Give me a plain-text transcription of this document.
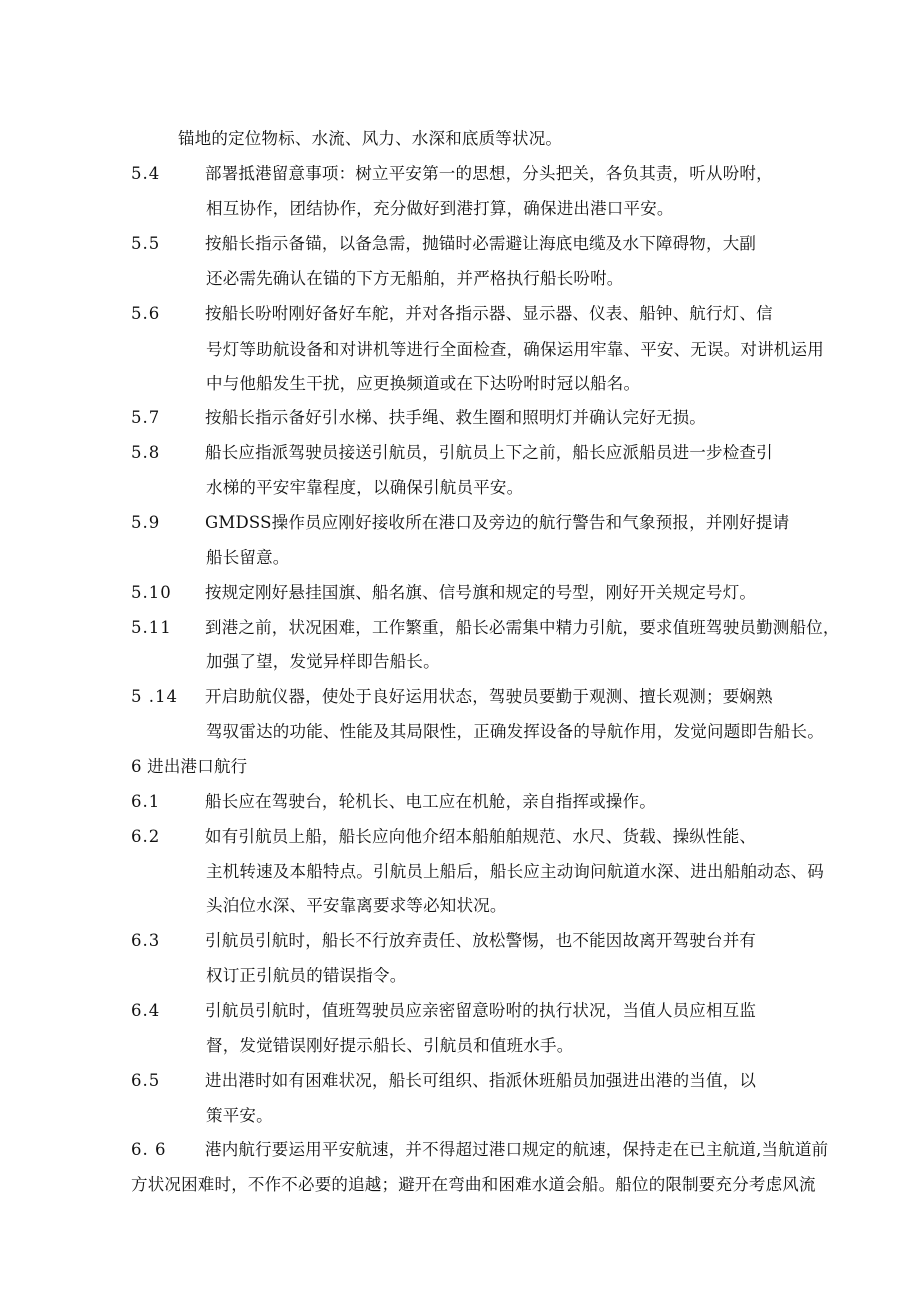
锚地的定位物标、水流、风力、水深和底质等状况。
5.4	部署抵港留意事项：树立平安第一的思想，分头把关，各负其责，听从吩咐，
相互协作，团结协作，充分做好到港打算，确保进出港口平安。
5.5	按船长指示备锚，以备急需，抛锚时必需避让海底电缆及水下障碍物，大副
还必需先确认在锚的下方无船舶，并严格执行船长吩咐。
5.6	按船长吩咐刚好备好车舵，并对各指示器、显示器、仪表、船钟、航行灯、信
号灯等助航设备和对讲机等进行全面检查，确保运用牢靠、平安、无误。对讲机运用
中与他船发生干扰，应更换频道或在下达吩咐时冠以船名。
5.7	按船长指示备好引水梯、扶手绳、救生圈和照明灯并确认完好无损。
5.8	船长应指派驾驶员接送引航员，引航员上下之前，船长应派船员进一步检查引
水梯的平安牢靠程度，以确保引航员平安。
5.9	GMDSS操作员应刚好接收所在港口及旁边的航行警告和气象预报，并刚好提请
船长留意。
5.10 按规定刚好悬挂国旗、船名旗、信号旗和规定的号型，刚好开关规定号灯。
5.11 到港之前，状况困难，工作繁重，船长必需集中精力引航，要求值班驾驶员勤测船位，
加强了望，发觉异样即告船长。
5 .14 开启助航仪器，使处于良好运用状态，驾驶员要勤于观测、擅长观测；要娴熟
驾驭雷达的功能、性能及其局限性，正确发挥设备的导航作用，发觉问题即告船长。
6 进出港口航行
6.1	船长应在驾驶台，轮机长、电工应在机舱，亲自指挥或操作。
6.2	如有引航员上船，船长应向他介绍本船舶舶规范、水尺、货载、操纵性能、
主机转速及本船特点。引航员上船后，船长应主动询问航道水深、进出船舶动态、码
头泊位水深、平安靠离要求等必知状况。
6.3	引航员引航时，船长不行放弃责任、放松警惕，也不能因故离开驾驶台并有
权订正引航员的错误指令。
6.4	引航员引航时，值班驾驶员应亲密留意吩咐的执行状况，当值人员应相互监
督，发觉错误刚好提示船长、引航员和值班水手。
6.5	进出港时如有困难状况，船长可组织、指派休班船员加强进出港的当值，以
策平安。
6. 6 港内航行要运用平安航速，并不得超过港口规定的航速，保持走在已主航道,当航道前
方状况困难时，不作不必要的追越；避开在弯曲和困难水道会船。船位的限制要充分考虑风流
